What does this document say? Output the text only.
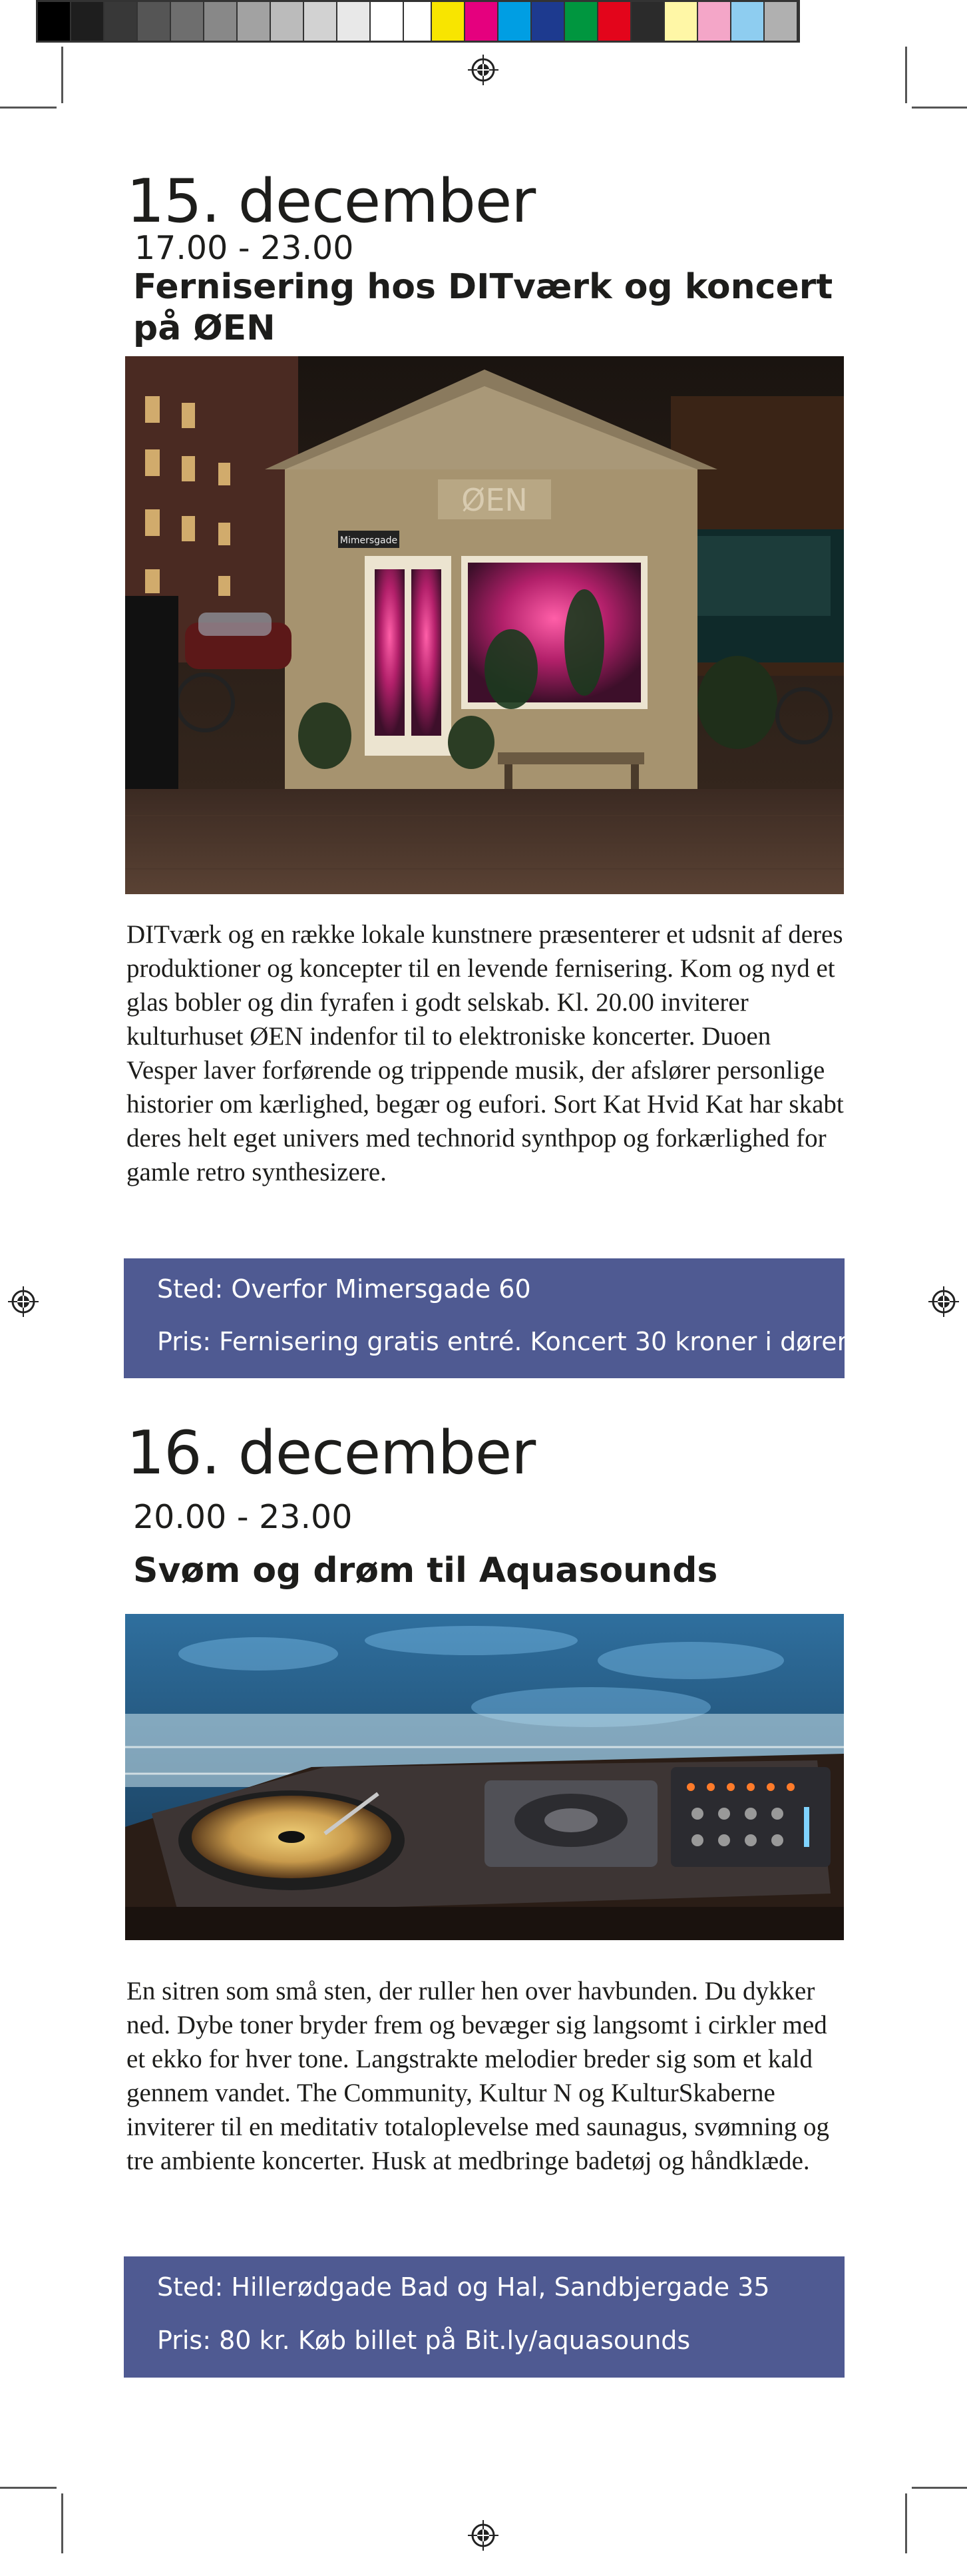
15. december
17.00 - 23.00
Fernisering hos DITværk og koncert på ØEN
ØEN
Mimersgade
DITværk og en række lokale kunstnere præsenterer et udsnit af deres produktioner og koncepter til en levende fernisering. Kom og nyd et glas bobler og din fyrafen i godt selskab. Kl. 20.00 inviterer kulturhuset ØEN indenfor til to elektroniske koncerter. Duoen Vesper laver forførende og trippende musik, der afslører personlige historier om kærlighed, begær og eufori. Sort Kat Hvid Kat har skabt deres helt eget univers med technorid synthpop og forkærlighed for gamle retro synthesizere.
Sted: Overfor Mimersgade 60
Pris: Fernisering gratis entré. Koncert 30 kroner i døren
16. december
20.00 - 23.00
Svøm og drøm til Aquasounds
En sitren som små sten, der ruller hen over havbunden. Du dykker ned. Dybe toner bryder frem og bevæger sig langsomt i cirkler med et ekko for hver tone. Langstrakte melodier breder sig som et kald gennem vandet. The Community, Kultur N og KulturSkaberne inviterer til en meditativ totaloplevelse med saunagus, svømning og tre ambiente koncerter. Husk at medbringe badetøj og håndklæde.
Sted: Hillerødgade Bad og Hal, Sandbjergade 35
Pris: 80 kr. Køb billet på Bit.ly/aquasounds
